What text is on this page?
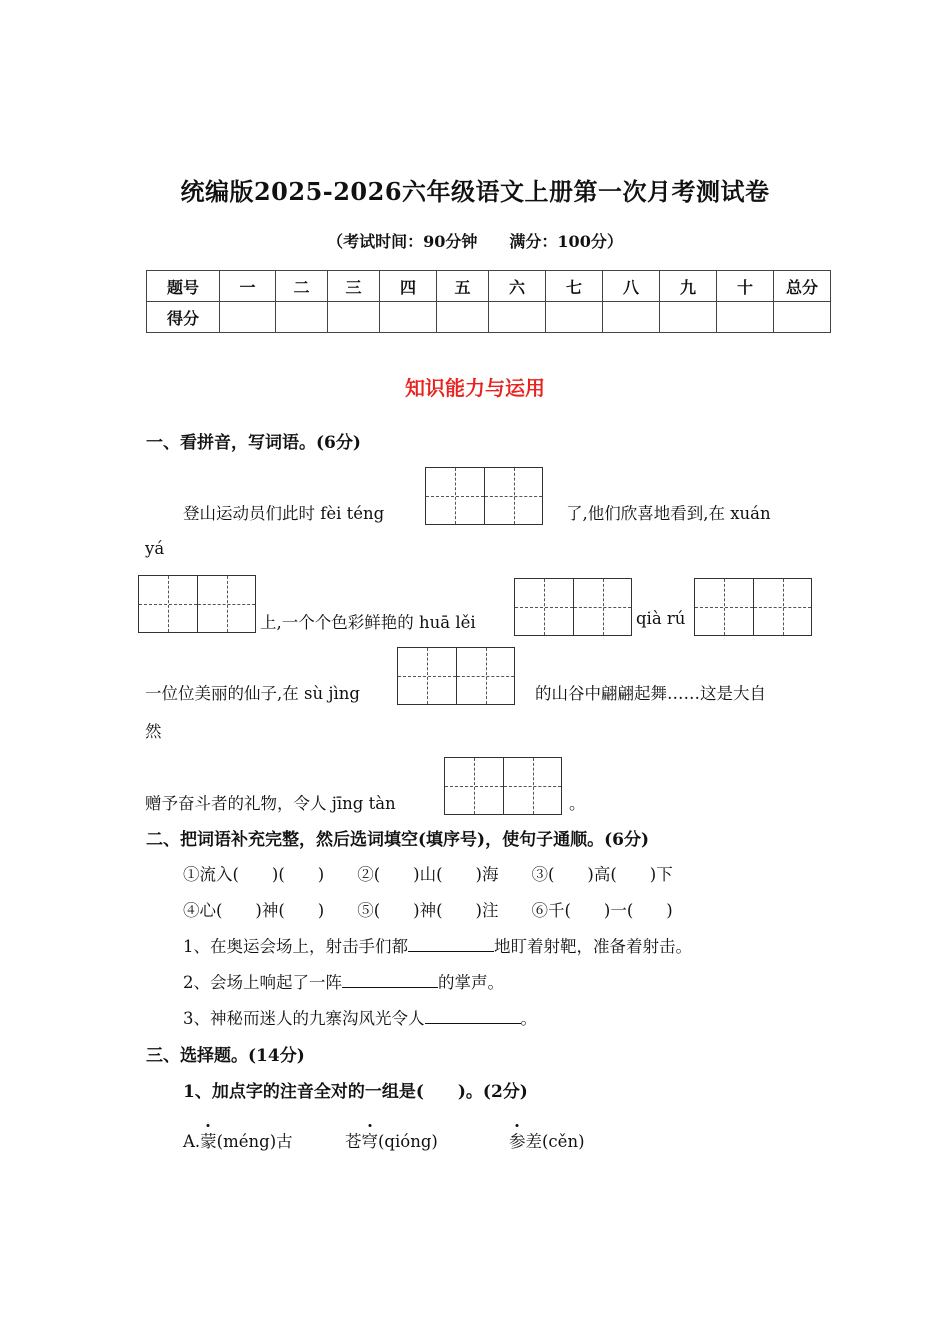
统编版2025-2026六年级语文上册第一次月考测试卷
（考试时间：90分钟　　满分：100分）
题号	一	二	三	四	五	六	七	八	九	十	总分
得分											
知识能力与运用
一、看拼音，写词语。(6分)
登山运动员们此时 fèi téng	了,他们欣喜地看到,在 xuán
yá
上,一个个色彩鲜艳的 huā lěi	qià rú
一位位美丽的仙子,在 sù jìng	的山谷中翩翩起舞……这是大自
然
赠予奋斗者的礼物，令人 jīng tàn	。
二、把词语补充完整，然后选词填空(填序号)，使句子通顺。(6分)
①流入(　　)(　　)　　②(　　)山(　　)海　　③(　　)高(　　)下
④心(　　)神(　　)　　⑤(　　)神(　　)注　　⑥千(　　)一(　　)
1、在奥运会场上，射击手们都	地盯着射靶，准备着射击。
2、会场上响起了一阵	的掌声。
3、神秘而迷人的九寨沟风光令人	。
三、选择题。(14分)
1、加点字的注音全对的一组是(　　)。(2分)
A.蒙(méng)古	苍穹(qióng)	参差(cěn)
